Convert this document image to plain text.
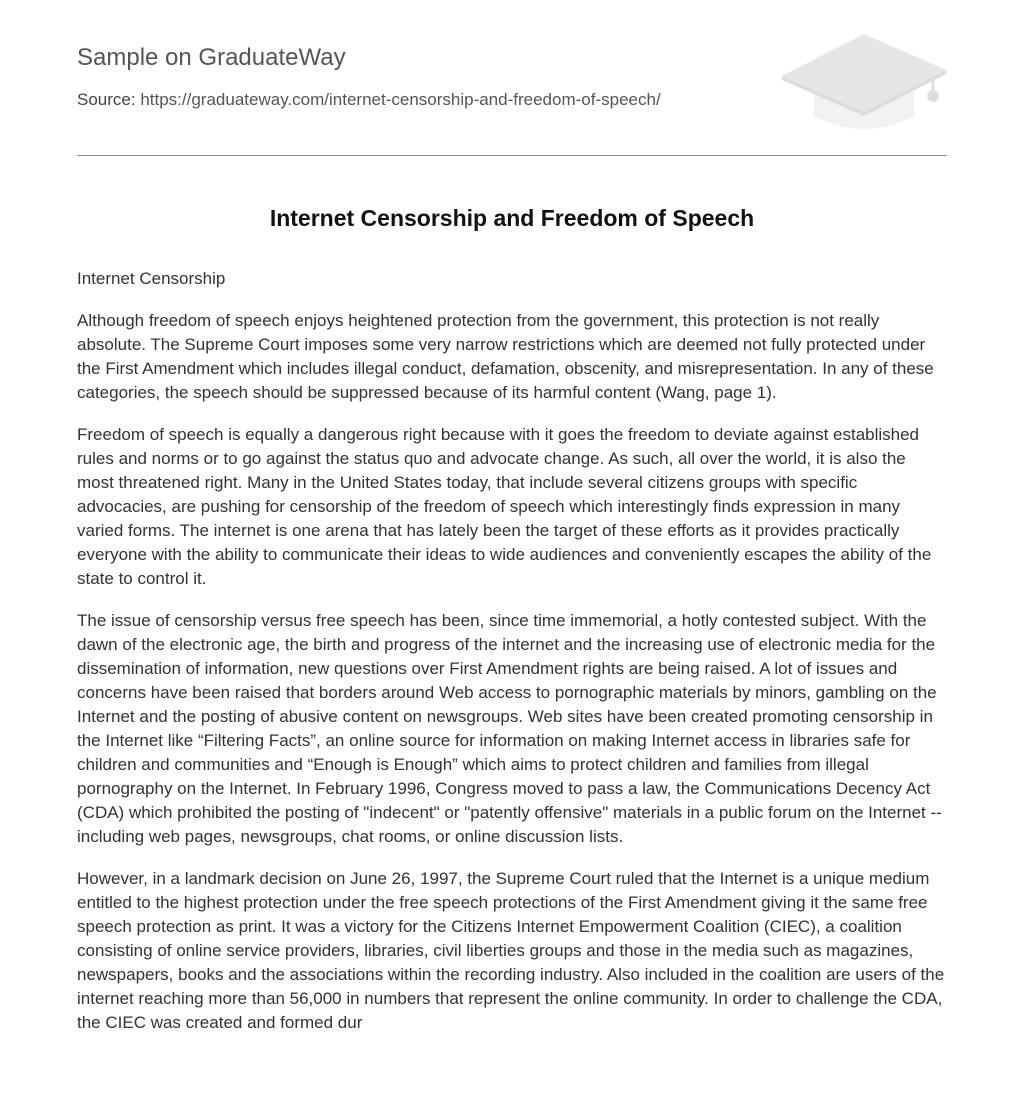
Sample on GraduateWay
Source: https://graduateway.com/internet-censorship-and-freedom-of-speech/
Internet Censorship and Freedom of Speech

Internet Censorship

Although freedom of speech enjoys heightened protection from the government, this protection is not really absolute. The Supreme Court imposes some very narrow restrictions which are deemed not fully protected under the First Amendment which includes illegal conduct, defamation, obscenity, and misrepresentation. In any of these categories, the speech should be suppressed because of its harmful content (Wang, page 1).

Freedom of speech is equally a dangerous right because with it goes the freedom to deviate against established rules and norms or to go against the status quo and advocate change. As such, all over the world, it is also the most threatened right. Many in the United States today, that include several citizens groups with specific advocacies, are pushing for censorship of the freedom of speech which interestingly finds expression in many varied forms. The internet is one arena that has lately been the target of these efforts as it provides practically everyone with the ability to communicate their ideas to wide audiences and conveniently escapes the ability of the state to control it.

The issue of censorship versus free speech has been, since time immemorial, a hotly contested subject. With the dawn of the electronic age, the birth and progress of the internet and the increasing use of electronic media for the dissemination of information, new questions over First Amendment rights are being raised. A lot of issues and concerns have been raised that borders around Web access to pornographic materials by minors, gambling on the Internet and the posting of abusive content on newsgroups. Web sites have been created promoting censorship in the Internet like “Filtering Facts”, an online source for information on making Internet access in libraries safe for children and communities and “Enough is Enough” which aims to protect children and families from illegal pornography on the Internet. In February 1996, Congress moved to pass a law, the Communications Decency Act (CDA) which prohibited the posting of "indecent" or "patently offensive" materials in a public forum on the Internet -- including web pages, newsgroups, chat rooms, or online discussion lists.

However, in a landmark decision on June 26, 1997, the Supreme Court ruled that the Internet is a unique medium entitled to the highest protection under the free speech protections of the First Amendment giving it the same free speech protection as print. It was a victory for the Citizens Internet Empowerment Coalition (CIEC), a coalition consisting of online service providers, libraries, civil liberties groups and those in the media such as magazines, newspapers, books and the associations within the recording industry. Also included in the coalition are users of the internet reaching more than 56,000 in numbers that represent the online community. In order to challenge the CDA, the CIEC was created and formed dur
